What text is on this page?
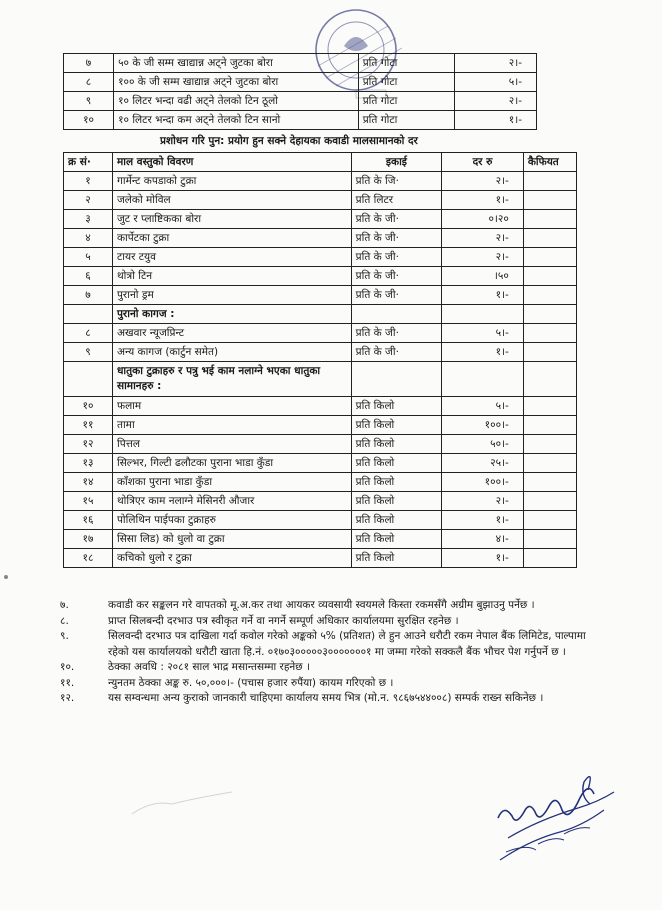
७	५० के जी सम्म खाद्यान्न अट्ने जुटका बोरा	प्रति गोटा	२।-
८	१०० के जी सम्म खाद्यान्न अट्ने जुटका बोरा	प्रति गोटा	५।-
९	१० लिटर भन्दा वढी अट्ने तेलको टिन ठूलो	प्रति गोटा	२।-
१०	१० लिटर भन्दा कम अट्ने तेलको टिन सानो	प्रति गोटा	१।-
प्रशोधन गरि पुन: प्रयोग हुन सक्ने देहायका कवाडी मालसामानको दर
क्र सं·	माल वस्तुको विवरण	इकाई	दर रु	कैफियत
१	गार्मेन्ट कपडाको टुक्रा	प्रति के जि·	२।-	
२	जलेको मोविल	प्रति लिटर	१।-	
३	जुट र प्लाष्टिकका बोरा	प्रति के जी·	०।२०	
४	कार्पेटका टुक्रा	प्रति के जी·	२।-	
५	टायर टयुव	प्रति के जी·	२।-	
६	थोत्रो टिन	प्रति के जी·	।५०	
७	पुरानो ड्रम	प्रति के जी·	१।-	
	पुरानो कागज :			
८	अखवार न्यूजप्रिन्ट	प्रति के जी·	५।-	
९	अन्य कागज (कार्टुन समेत)	प्रति के जी·	१।-	
	धातुका टुक्राहरु र पत्रु भई काम नलाग्ने भएका धातुका सामानहरु :			
१०	फलाम	प्रति किलो	५।-	
११	तामा	प्रति किलो	१००।-	
१२	पित्तल	प्रति किलो	५०।-	
१३	सिल्भर, गिल्टी ढलौटका पुराना भाडा कुँडा	प्रति किलो	२५।-	
१४	काँशका पुराना भाडा कुँडा	प्रति किलो	१००।-	
१५	थोत्रिएर काम नलाग्ने मेसिनरी औजार	प्रति किलो	२।-	
१६	पोलिथिन पाईपका टुक्राहरु	प्रति किलो	१।-	
१७	सिसा लिड) को धुलो वा टुक्रा	प्रति किलो	४।-	
१८	कचिको धुलो र टुक्रा	प्रति किलो	१।-	
७.	कवाडी कर सङ्कलन गरे वापतको मू.अ.कर तथा आयकर व्यवसायी स्वयमले किस्ता रकमसँगै अग्रीम बुझाउनु पर्नेछ ।
८.	प्राप्त सिलबन्दी दरभाउ पत्र स्वीकृत गर्ने वा नगर्ने सम्पूर्ण अधिकार कार्यालयमा सुरक्षित रहनेछ ।
९.	सिलवन्दी दरभाउ पत्र दाखिला गर्दा कवोल गरेको अङ्कको ५% (प्रतिशत) ले हुन आउने धरौटी रकम नेपाल बैंक लिमिटेड, पाल्पामा रहेको यस कार्यालयको धरौटी खाता हि.नं. ०१७०३०००००३०००००००१ मा जम्मा गरेको सक्कलै बैंक भौचर पेश गर्नुपर्ने छ ।
१०.	ठेक्का अवधि : २०८१ साल भाद्र मसान्तसम्मा रहनेछ ।
११.	न्युनतम ठेक्का अङ्क रु. ५०,०००।- (पचास हजार रुपैंया) कायम गरिएको छ ।
१२.	यस सम्वन्धमा अन्य कुराको जानकारी चाहिएमा कार्यालय समय भित्र (मो.न. ९८६७५४४००८) सम्पर्क राख्न सकिनेछ ।
